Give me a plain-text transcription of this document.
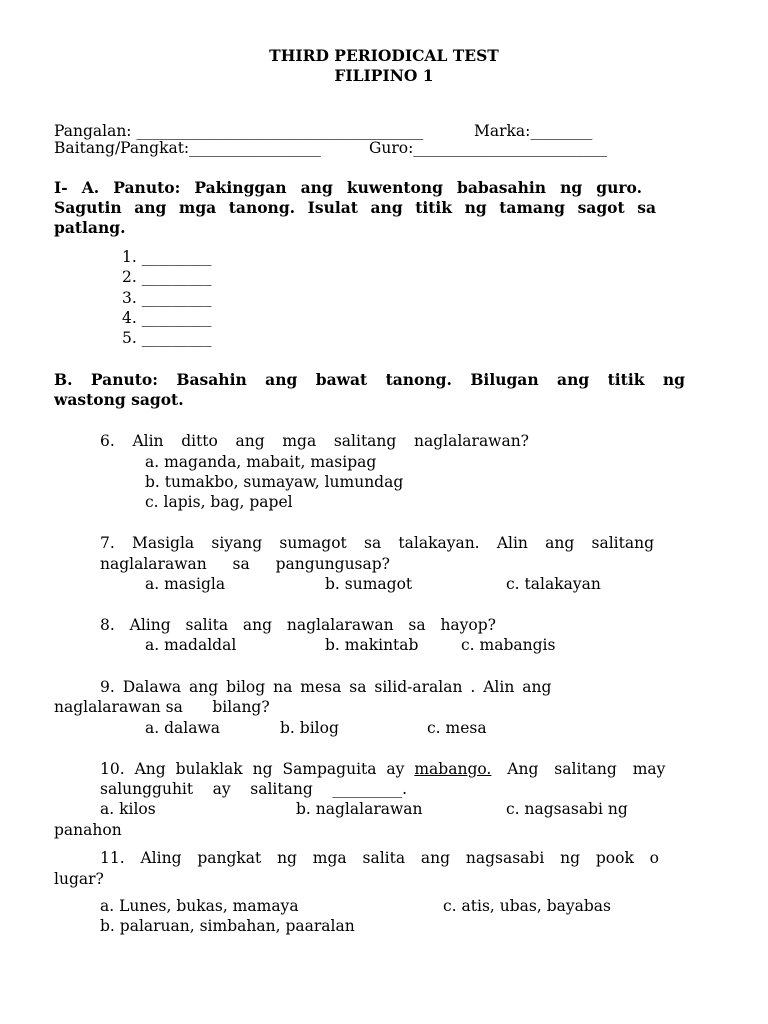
THIRD PERIODICAL TEST
FILIPINO 1
Pangalan: _____________________________________	Marka:________
Baitang/Pangkat:_________________	Guro:_________________________
I- A. Panuto: Pakinggan ang kuwentong babasahin ng guro.
Sagutin ang mga tanong. Isulat ang titik ng tamang sagot sa
patlang.
1. _________
2. _________
3. _________
4. _________
5. _________
B. Panuto: Basahin ang bawat tanong. Bilugan ang titik ng
wastong sagot.
6. Alin ditto ang mga salitang naglalarawan?
a. maganda, mabait, masipag
b. tumakbo, sumayaw, lumundag
c. lapis, bag, papel
7. Masigla siyang sumagot sa talakayan. Alin ang salitang
naglalarawan sa pangungusap?
a. masigla	b. sumagot	c. talakayan
8. Aling salita ang naglalarawan sa hayop?
a. madaldal	b. makintab	c. mabangis
9. Dalawa ang bilog na mesa sa silid-aralan . Alin ang
naglalarawan sa      bilang?
a. dalawa	b. bilog	c. mesa
10. Ang bulaklak ng Sampaguita ay mabango. Ang salitang may
salungguhit ay salitang _________.
a. kilos	b. naglalarawan	c. nagsasabi ng
panahon
11. Aling pangkat ng mga salita ang nagsasabi ng pook o
lugar?
a. Lunes, bukas, mamaya	c. atis, ubas, bayabas
b. palaruan, simbahan, paaralan
